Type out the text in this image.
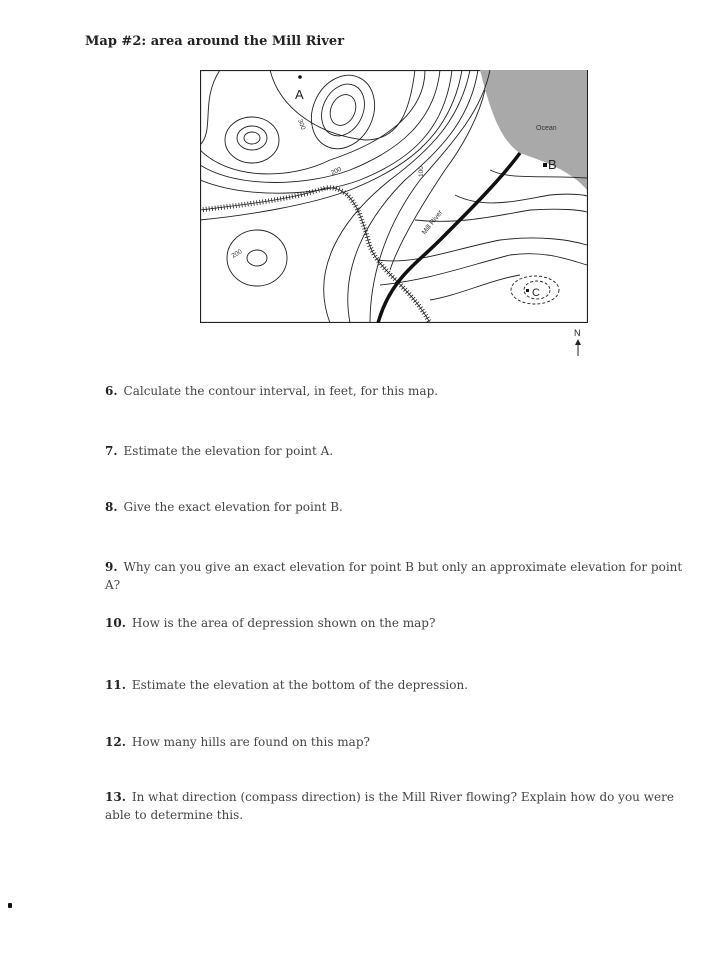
Map #2: area around the Mill River
A
B
C
Ocean
Mill River
300
200	100
200
N
6. Calculate the contour interval, in feet, for this map.
7. Estimate the elevation for point A.
8. Give the exact elevation for point B.
9. Why can you give an exact elevation for point B but only an approximate elevation for point A?
10. How is the area of depression shown on the map?
11. Estimate the elevation at the bottom of the depression.
12. How many hills are found on this map?
13. In what direction (compass direction) is the Mill River flowing? Explain how do you were able to determine this.
